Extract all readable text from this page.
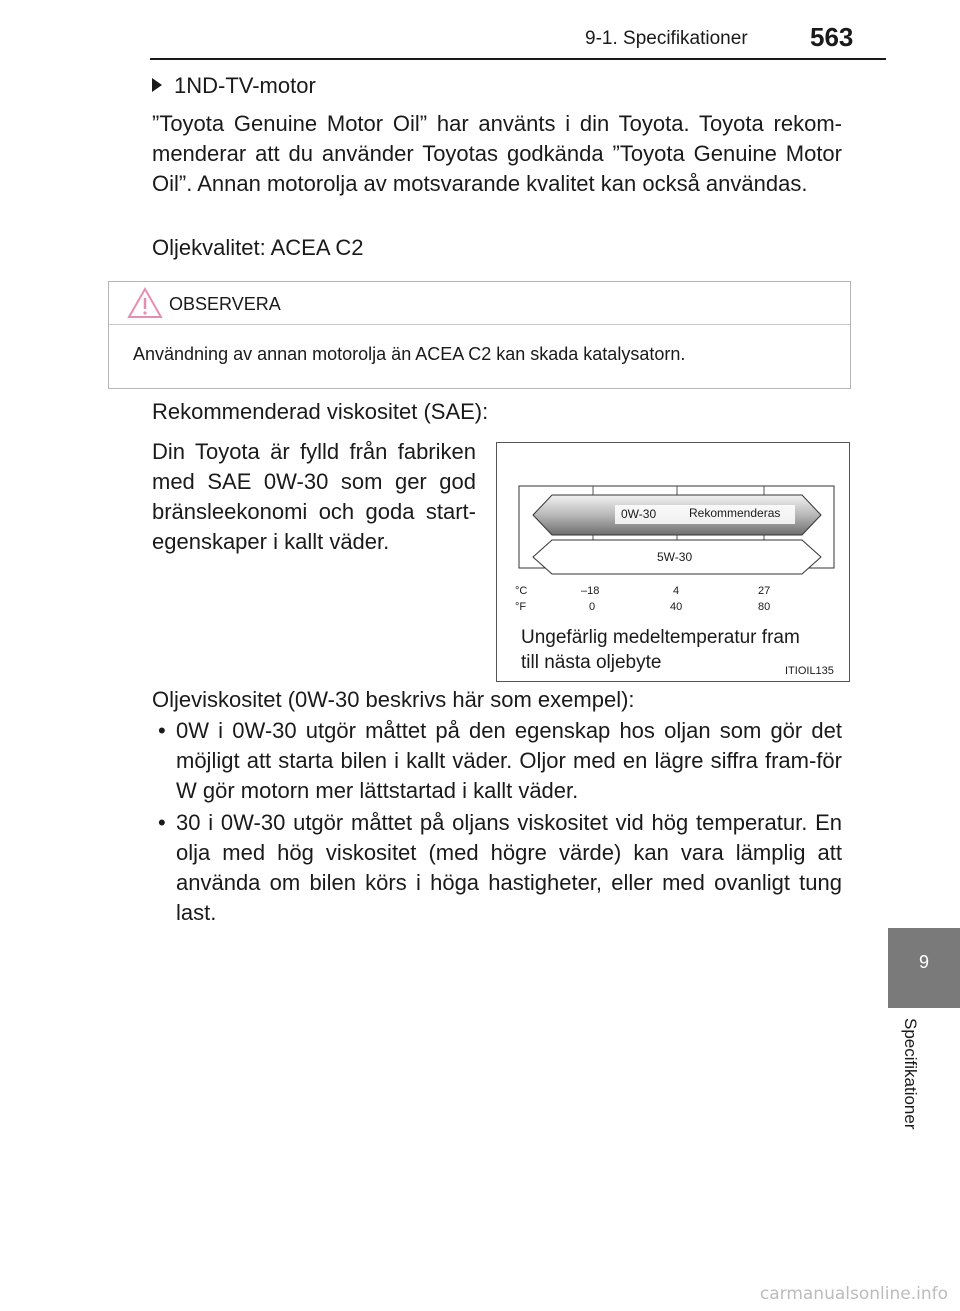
9-1. Specifikationer 563
1ND-TV-motor
”Toyota Genuine Motor Oil” har använts i din Toyota. Toyota rekom-menderar att du använder Toyotas godkända ”Toyota Genuine Motor Oil”. Annan motorolja av motsvarande kvalitet kan också användas.
Oljekvalitet: ACEA C2
OBSERVERA
Användning av annan motorolja än ACEA C2 kan skada katalysatorn.
Rekommenderad viskositet (SAE):
Din Toyota är fylld från fabriken med SAE 0W-30 som ger god bränsleekonomi och goda start-egenskaper i kallt väder.
0W-30	Rekommenderas
5W-30
°C	–18	4	27
°F	0	40	80
Ungefärlig medeltemperatur fram
till nästa oljebyte	ITIOIL135
Oljeviskositet (0W-30 beskrivs här som exempel):
• 0W i 0W-30 utgör måttet på den egenskap hos oljan som gör det möjligt att starta bilen i kallt väder. Oljor med en lägre siffra fram-för W gör motorn mer lättstartad i kallt väder.
• 30 i 0W-30 utgör måttet på oljans viskositet vid hög temperatur. En olja med hög viskositet (med högre värde) kan vara lämplig att använda om bilen körs i höga hastigheter, eller med ovanligt tung last.
9
Specifikationer
carmanualsonline.info
